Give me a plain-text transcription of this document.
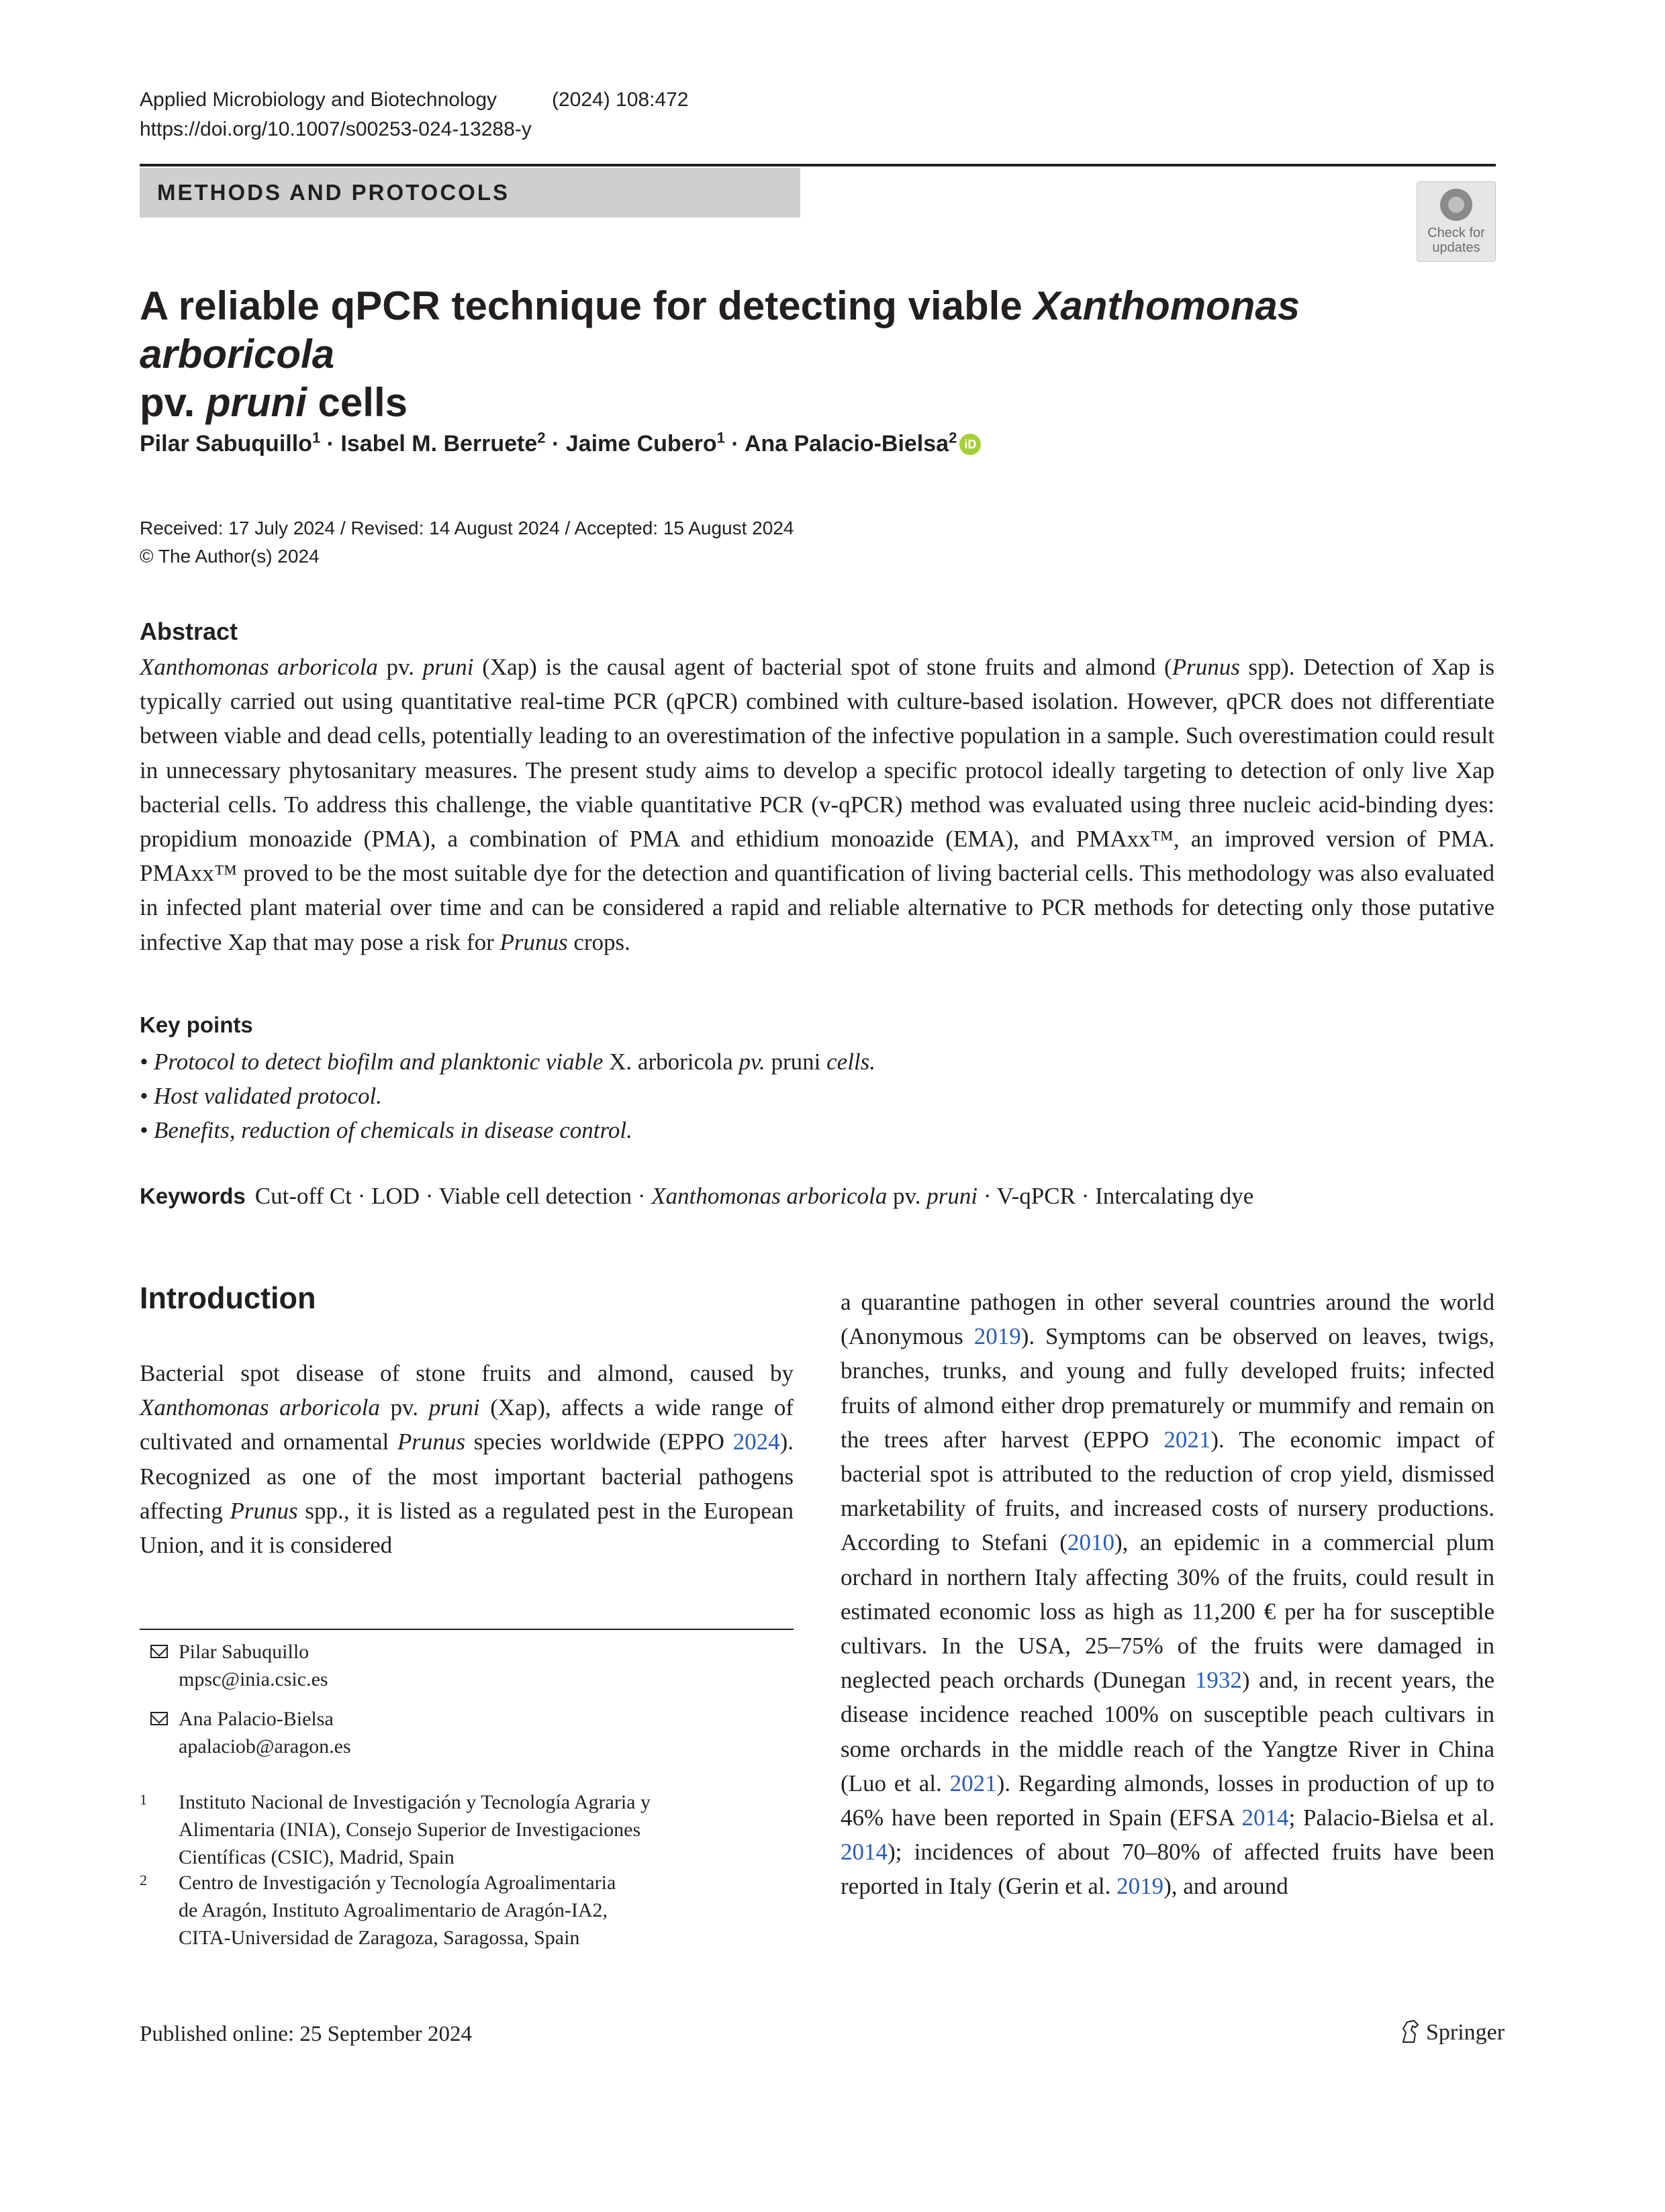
Applied Microbiology and Biotechnology	(2024) 108:472
https://doi.org/10.1007/s00253-024-13288-y
METHODS AND PROTOCOLS
Check for
updates
A reliable qPCR technique for detecting viable Xanthomonas arboricola
pv. pruni cells
Pilar Sabuquillo$^1$ · Isabel M. Berruete$^2$ · Jaime Cubero$^1$ · Ana Palacio-Bielsa$^2$ iD
Received: 17 July 2024 / Revised: 14 August 2024 / Accepted: 15 August 2024
© The Author(s) 2024
Abstract
Xanthomonas arboricola pv. pruni (Xap) is the causal agent of bacterial spot of stone fruits and almond (Prunus spp). Detection of Xap is typically carried out using quantitative real-time PCR (qPCR) combined with culture-based isolation. However, qPCR does not differentiate between viable and dead cells, potentially leading to an overestimation of the infective population in a sample. Such overestimation could result in unnecessary phytosanitary measures. The present study aims to develop a specific protocol ideally targeting to detection of only live Xap bacterial cells. To address this challenge, the viable quantitative PCR (v-qPCR) method was evaluated using three nucleic acid-binding dyes: propidium monoazide (PMA), a combination of PMA and ethidium monoazide (EMA), and PMAxx™, an improved version of PMA. PMAxx™ proved to be the most suitable dye for the detection and quantification of living bacterial cells. This methodology was also evaluated in infected plant material over time and can be considered a rapid and reliable alternative to PCR methods for detecting only those putative infective Xap that may pose a risk for Prunus crops.
Key points
• Protocol to detect biofilm and planktonic viable X. arboricola pv. pruni cells.
• Host validated protocol.
• Benefits, reduction of chemicals in disease control.
Keywords Cut-off Ct · LOD · Viable cell detection · Xanthomonas arboricola pv. pruni · V-qPCR · Intercalating dye
Introduction
Bacterial spot disease of stone fruits and almond, caused by Xanthomonas arboricola pv. pruni (Xap), affects a wide range of cultivated and ornamental Prunus species worldwide (EPPO 2024). Recognized as one of the most important bacterial pathogens affecting Prunus spp., it is listed as a regulated pest in the European Union, and it is considered
a quarantine pathogen in other several countries around the world (Anonymous 2019). Symptoms can be observed on leaves, twigs, branches, trunks, and young and fully developed fruits; infected fruits of almond either drop prematurely or mummify and remain on the trees after harvest (EPPO 2021). The economic impact of bacterial spot is attributed to the reduction of crop yield, dismissed marketability of fruits, and increased costs of nursery productions. According to Stefani (2010), an epidemic in a commercial plum orchard in northern Italy affecting 30% of the fruits, could result in estimated economic loss as high as 11,200 € per ha for susceptible cultivars. In the USA, 25–75% of the fruits were damaged in neglected peach orchards (Dunegan 1932) and, in recent years, the disease incidence reached 100% on susceptible peach cultivars in some orchards in the middle reach of the Yangtze River in China (Luo et al. 2021). Regarding almonds, losses in production of up to 46% have been reported in Spain (EFSA 2014; Palacio-Bielsa et al. 2014); incidences of about 70–80% of affected fruits have been reported in Italy (Gerin et al. 2019), and around
Pilar Sabuquillo
mpsc@inia.csic.es
Ana Palacio-Bielsa
apalaciob@aragon.es
1 Instituto Nacional de Investigación y Tecnología Agraria y
Alimentaria (INIA), Consejo Superior de Investigaciones
Científicas (CSIC), Madrid, Spain
2 Centro de Investigación y Tecnología Agroalimentaria
de Aragón, Instituto Agroalimentario de Aragón-IA2,
CITA-Universidad de Zaragoza, Saragossa, Spain
Published online: 25 September 2024	Springer
